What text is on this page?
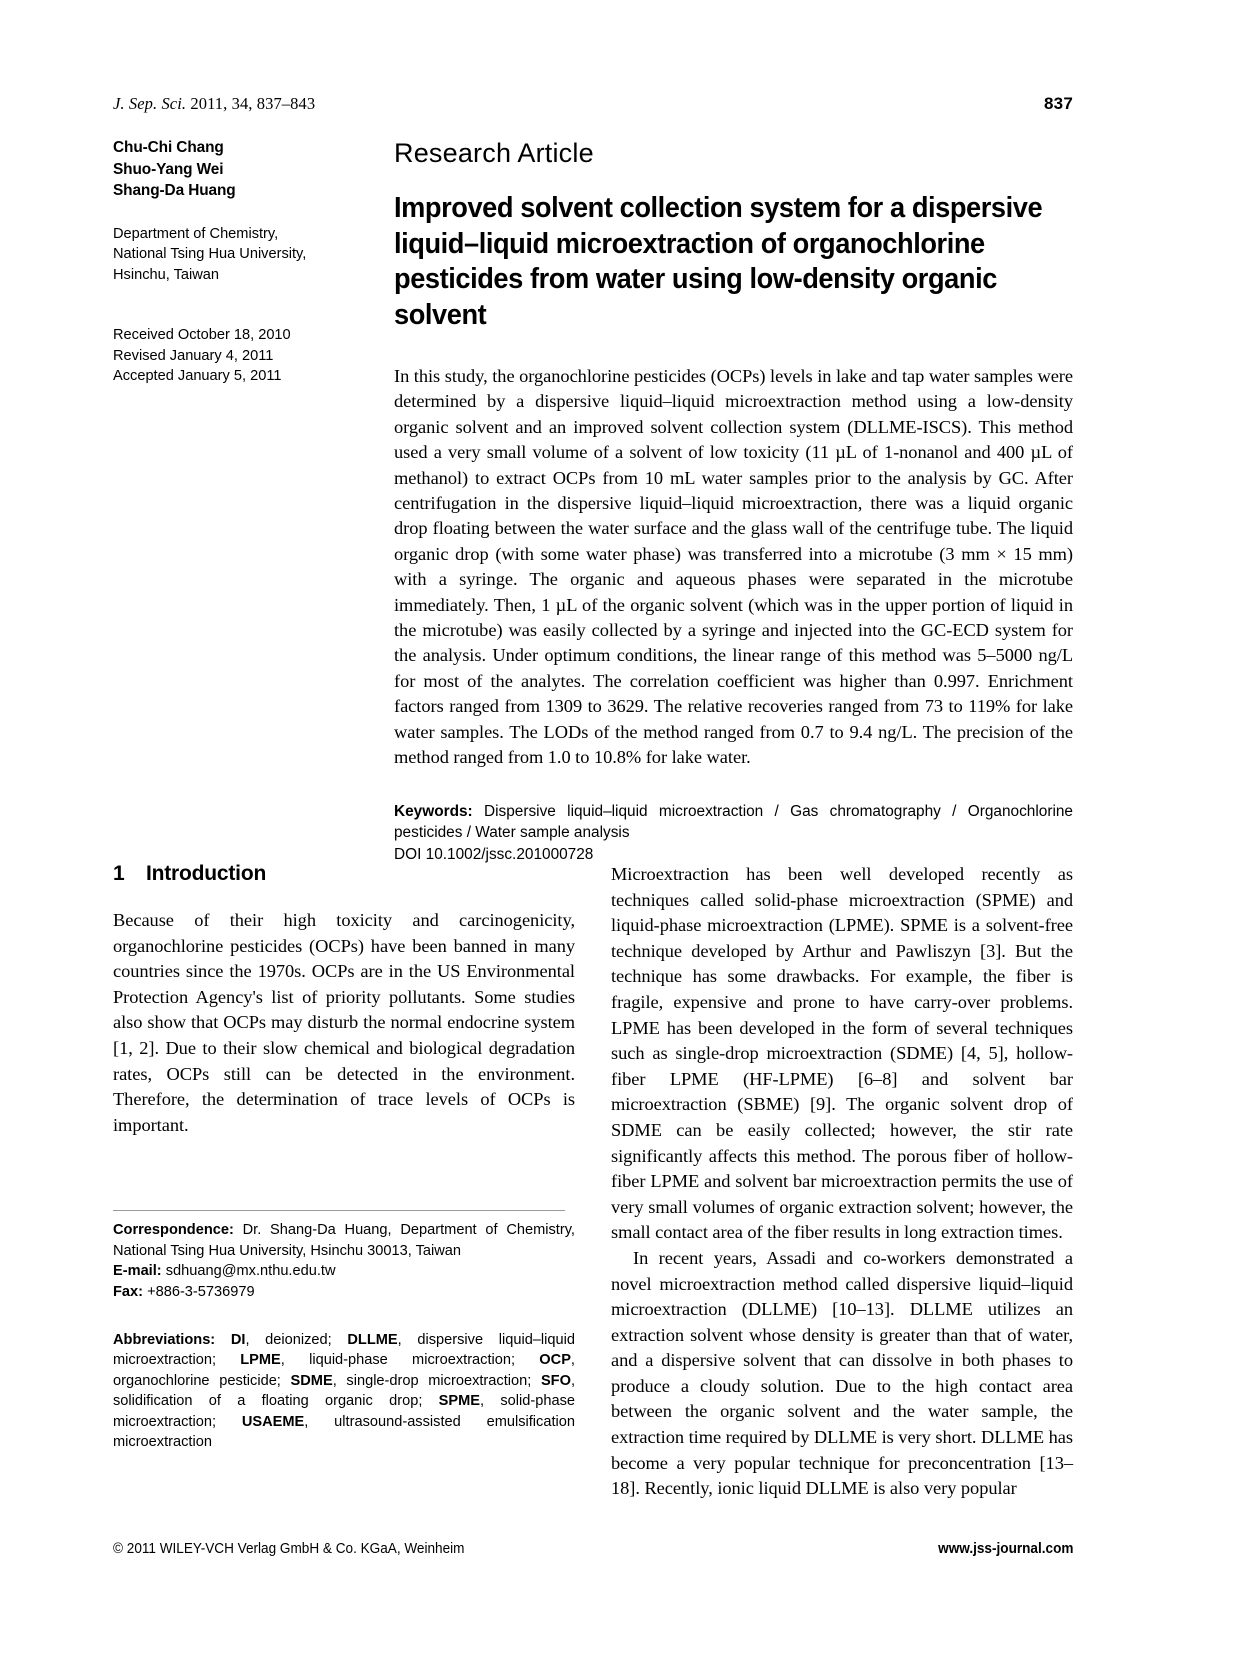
J. Sep. Sci. 2011, 34, 837–843	837
Chu-Chi Chang
Shuo-Yang Wei
Shang-Da Huang
Department of Chemistry,
National Tsing Hua University,
Hsinchu, Taiwan
Received October 18, 2010
Revised January 4, 2011
Accepted January 5, 2011
Research Article
Improved solvent collection system for a dispersive liquid–liquid microextraction of organochlorine pesticides from water using low-density organic solvent
In this study, the organochlorine pesticides (OCPs) levels in lake and tap water samples were determined by a dispersive liquid–liquid microextraction method using a low-density organic solvent and an improved solvent collection system (DLLME-ISCS). This method used a very small volume of a solvent of low toxicity (11 µL of 1-nonanol and 400 µL of methanol) to extract OCPs from 10 mL water samples prior to the analysis by GC. After centrifugation in the dispersive liquid–liquid microextraction, there was a liquid organic drop floating between the water surface and the glass wall of the centrifuge tube. The liquid organic drop (with some water phase) was transferred into a microtube (3 mm × 15 mm) with a syringe. The organic and aqueous phases were separated in the microtube immediately. Then, 1 µL of the organic solvent (which was in the upper portion of liquid in the microtube) was easily collected by a syringe and injected into the GC-ECD system for the analysis. Under optimum conditions, the linear range of this method was 5–5000 ng/L for most of the analytes. The correlation coefficient was higher than 0.997. Enrichment factors ranged from 1309 to 3629. The relative recoveries ranged from 73 to 119% for lake water samples. The LODs of the method ranged from 0.7 to 9.4 ng/L. The precision of the method ranged from 1.0 to 10.8% for lake water.
Keywords: Dispersive liquid–liquid microextraction / Gas chromatography / Organochlorine pesticides / Water sample analysis
DOI 10.1002/jssc.201000728
1	Introduction

Because of their high toxicity and carcinogenicity, organochlorine pesticides (OCPs) have been banned in many countries since the 1970s. OCPs are in the US Environmental Protection Agency's list of priority pollutants. Some studies also show that OCPs may disturb the normal endocrine system [1, 2]. Due to their slow chemical and biological degradation rates, OCPs still can be detected in the environment. Therefore, the determination of trace levels of OCPs is important.

Correspondence: Dr. Shang-Da Huang, Department of Chemistry, National Tsing Hua University, Hsinchu 30013, Taiwan
E-mail: sdhuang@mx.nthu.edu.tw
Fax: +886-3-5736979
Abbreviations: DI, deionized; DLLME, dispersive liquid–liquid microextraction; LPME, liquid-phase microextraction; OCP, organochlorine pesticide; SDME, single-drop microextraction; SFO, solidification of a floating organic drop; SPME, solid-phase microextraction; USAEME, ultrasound-assisted emulsification microextraction

Microextraction has been well developed recently as techniques called solid-phase microextraction (SPME) and liquid-phase microextraction (LPME). SPME is a solvent-free technique developed by Arthur and Pawliszyn [3]. But the technique has some drawbacks. For example, the fiber is fragile, expensive and prone to have carry-over problems. LPME has been developed in the form of several techniques such as single-drop microextraction (SDME) [4, 5], hollow-fiber LPME (HF-LPME) [6–8] and solvent bar microextraction (SBME) [9]. The organic solvent drop of SDME can be easily collected; however, the stir rate significantly affects this method. The porous fiber of hollow-fiber LPME and solvent bar microextraction permits the use of very small volumes of organic extraction solvent; however, the small contact area of the fiber results in long extraction times.

In recent years, Assadi and co-workers demonstrated a novel microextraction method called dispersive liquid–liquid microextraction (DLLME) [10–13]. DLLME utilizes an extraction solvent whose density is greater than that of water, and a dispersive solvent that can dissolve in both phases to produce a cloudy solution. Due to the high contact area between the organic solvent and the water sample, the extraction time required by DLLME is very short. DLLME has become a very popular technique for preconcentration [13–18]. Recently, ionic liquid DLLME is also very popular

© 2011 WILEY-VCH Verlag GmbH & Co. KGaA, Weinheim	www.jss-journal.com
